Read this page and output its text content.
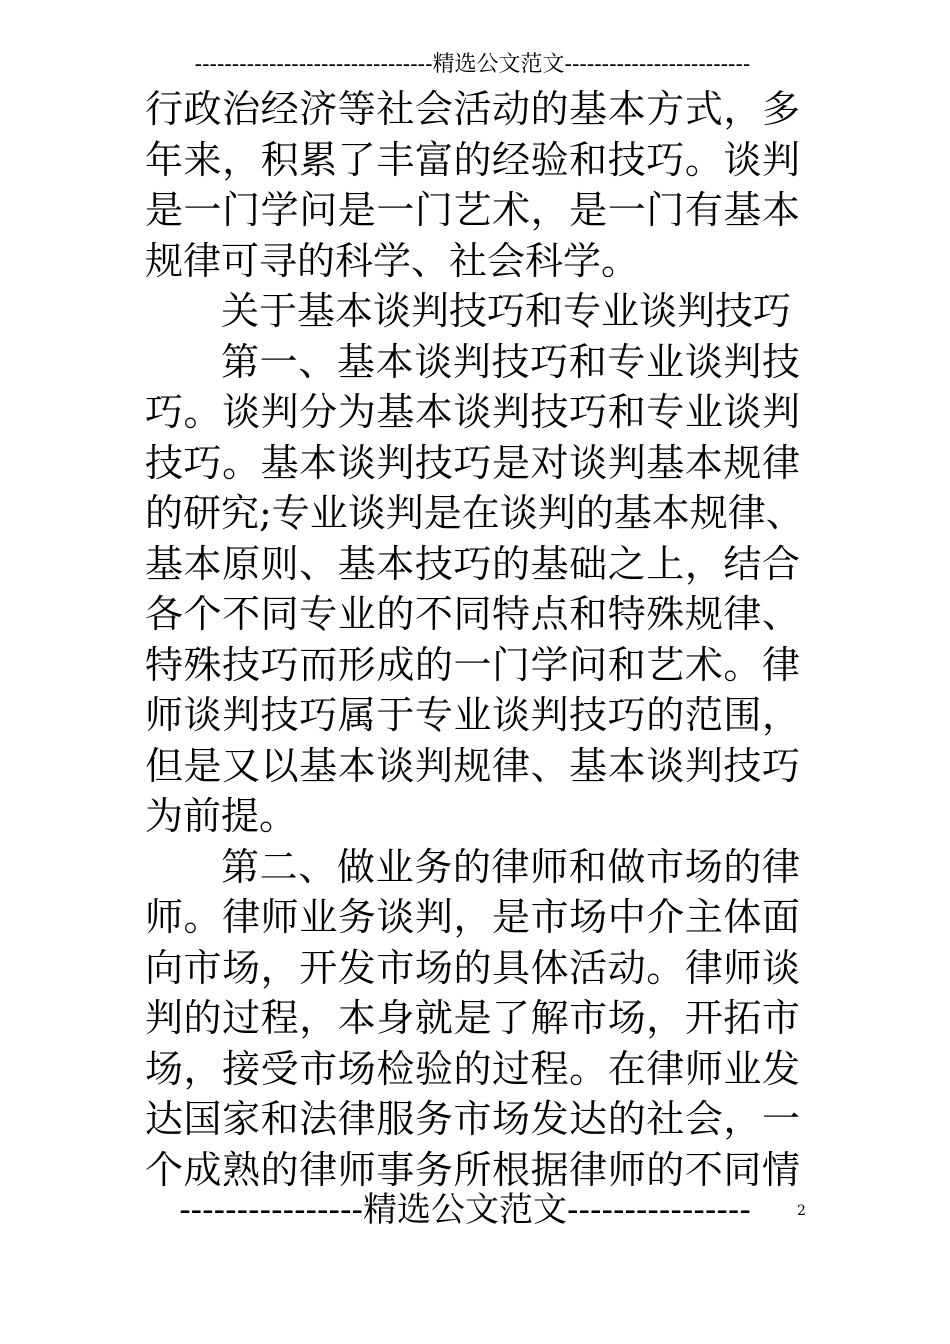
--------------------------------精选公文范文-------------------------
行政治经济等社会活动的基本方式，多
年来，积累了丰富的经验和技巧。谈判
是一门学问是一门艺术，是一门有基本
规律可寻的科学、社会科学。
关于基本谈判技巧和专业谈判技巧
第一、基本谈判技巧和专业谈判技
巧。谈判分为基本谈判技巧和专业谈判
技巧。基本谈判技巧是对谈判基本规律
的研究;专业谈判是在谈判的基本规律、
基本原则、基本技巧的基础之上，结合
各个不同专业的不同特点和特殊规律、
特殊技巧而形成的一门学问和艺术。律
师谈判技巧属于专业谈判技巧的范围，
但是又以基本谈判规律、基本谈判技巧
为前提。
第二、做业务的律师和做市场的律
师。律师业务谈判，是市场中介主体面
向市场，开发市场的具体活动。律师谈
判的过程，本身就是了解市场，开拓市
场，接受市场检验的过程。在律师业发
达国家和法律服务市场发达的社会，一
个成熟的律师事务所根据律师的不同情
----------------精选公文范文----------------	2
